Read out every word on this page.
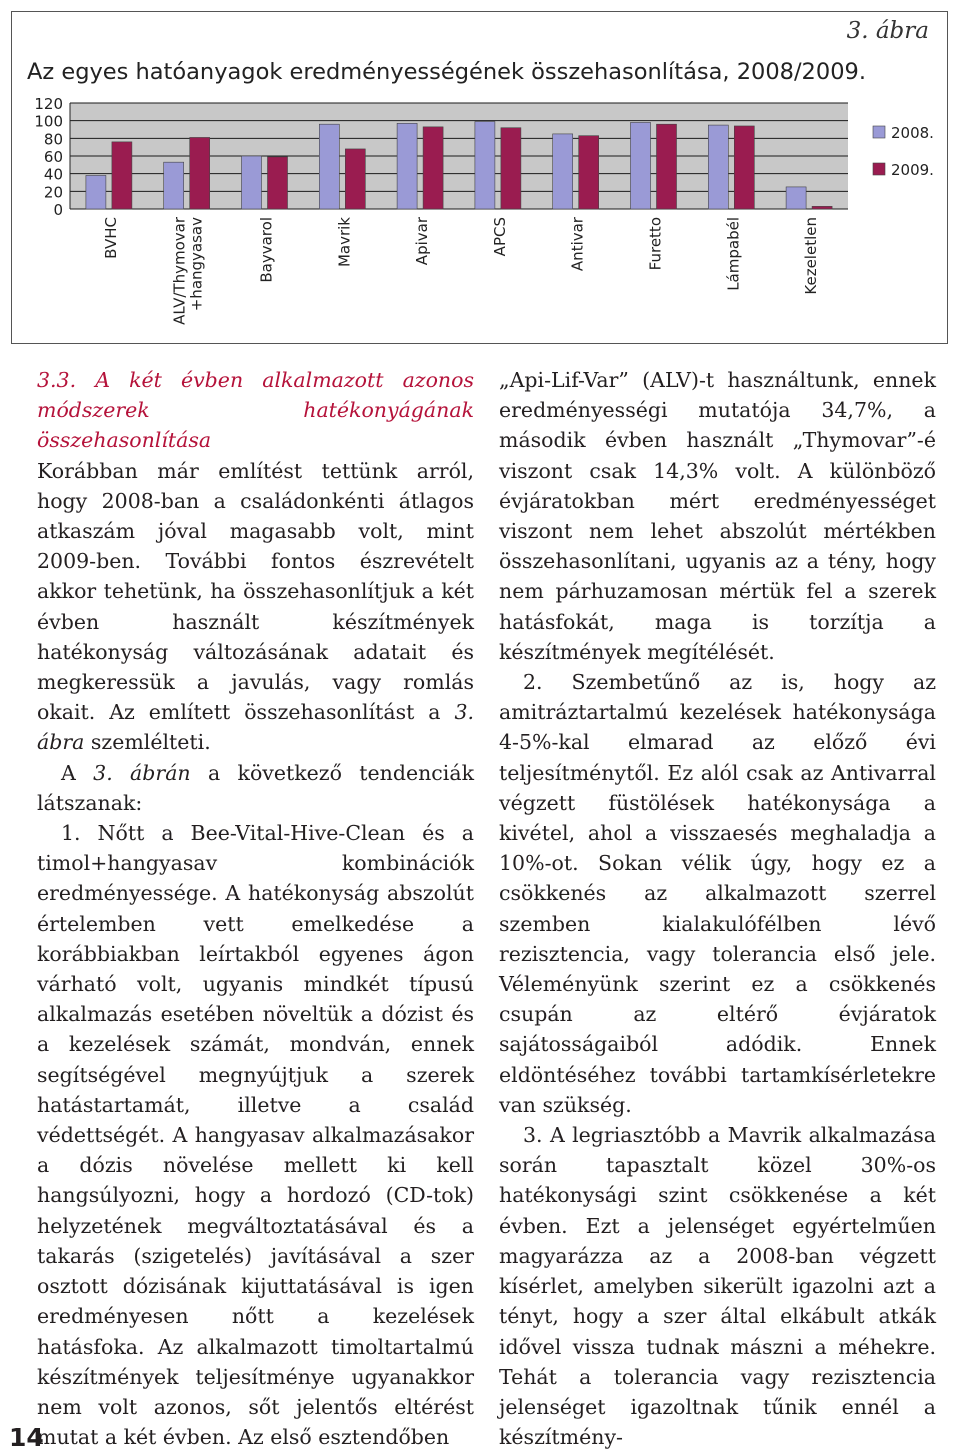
3. ábra
Az egyes hatóanyagok eredményességének összehasonlítása, 2008/2009.
0
20
40
60
80
100
120
BVHC	ALV/Thymovar+hangyasav	Bayvarol	Mavrik	Apivar	APCS	Antivar	Furetto	Lámpabél	Kezeletlen
2008.
2009.

3.3. A két évben alkalmazott azonos módszerek hatékonyágának összehasonlítása

Korábban már említést tettünk arról, hogy 2008-ban a családonkénti átlagos atkaszám jóval magasabb volt, mint 2009-ben. További fontos észrevételt akkor tehetünk, ha összehasonlítjuk a két évben használt készítmények hatékonyság változásának adatait és megkeressük a javulás, vagy romlás okait. Az említett összehasonlítást a 3. ábra szemlélteti.

A 3. ábrán a következő tendenciák látszanak:

1. Nőtt a Bee-Vital-Hive-Clean és a timol+hangyasav kombinációk eredményessége. A hatékonyság abszolút értelemben vett emelkedése a korábbiakban leírtakból egyenes ágon várható volt, ugyanis mindkét típusú alkalmazás esetében növeltük a dózist és a kezelések számát, mondván, ennek segítségével megnyújtjuk a szerek hatástartamát, illetve a család védettségét. A hangyasav alkalmazásakor a dózis növelése mellett ki kell hangsúlyozni, hogy a hordozó (CD-tok) helyzetének megváltoztatásával és a takarás (szigetelés) javításával a szer osztott dózisának kijuttatásával is igen eredményesen nőtt a kezelések hatásfoka. Az alkalmazott timoltartalmú készítmények teljesítménye ugyanakkor nem volt azonos, sőt jelentős eltérést mutat a két évben. Az első esztendőben

„Api-Lif-Var” (ALV)-t használtunk, ennek eredményességi mutatója 34,7%, a második évben használt „Thymovar”-é viszont csak 14,3% volt. A különböző évjáratokban mért eredményességet viszont nem lehet abszolút mértékben összehasonlítani, ugyanis az a tény, hogy nem párhuzamosan mértük fel a szerek hatásfokát, maga is torzítja a készítmények megítélését.

2. Szembetűnő az is, hogy az amitráztartalmú kezelések hatékonysága 4-5%-kal elmarad az előző évi teljesítménytől. Ez alól csak az Antivarral végzett füstölések hatékonysága a kivétel, ahol a visszaesés meghaladja a 10%-ot. Sokan vélik úgy, hogy ez a csökkenés az alkalmazott szerrel szemben kialakulófélben lévő rezisztencia, vagy tolerancia első jele. Véleményünk szerint ez a csökkenés csupán az eltérő évjáratok sajátosságaiból adódik. Ennek eldöntéséhez további tartamkísérletekre van szükség.

3. A legriasztóbb a Mavrik alkalmazása során tapasztalt közel 30%-os hatékonysági szint csökkenése a két évben. Ezt a jelenséget egyértelműen magyarázza az a 2008-ban végzett kísérlet, amelyben sikerült igazolni azt a tényt, hogy a szer által elkábult atkák idővel vissza tudnak mászni a méhekre. Tehát a tolerancia vagy rezisztencia jelenséget igazoltnak tűnik ennél a készítmény-

14
